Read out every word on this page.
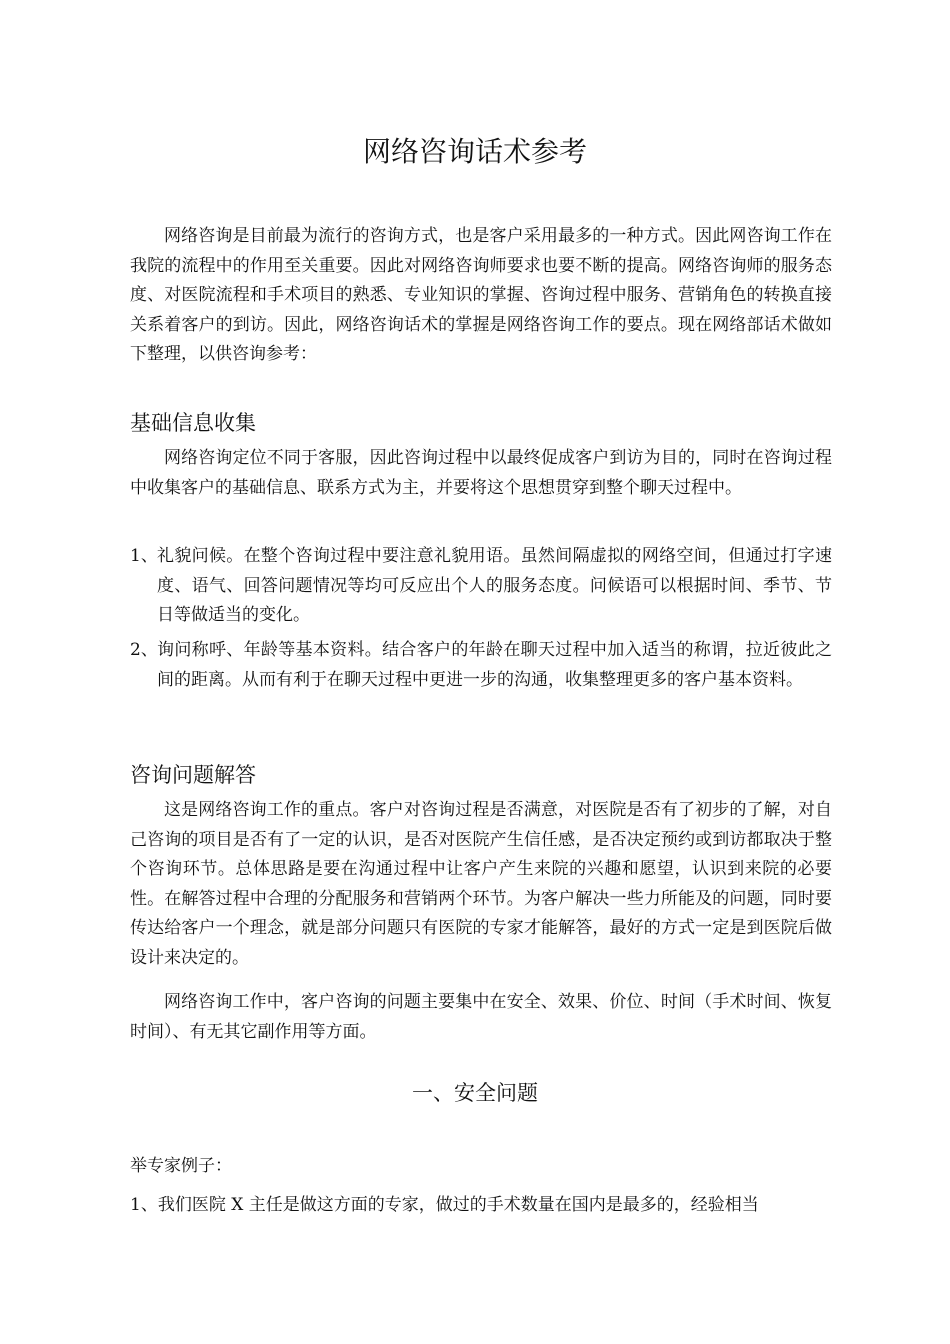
网络咨询话术参考

网络咨询是目前最为流行的咨询方式，也是客户采用最多的一种方式。因此网咨询工作在我院的流程中的作用至关重要。因此对网络咨询师要求也要不断的提高。网络咨询师的服务态度、对医院流程和手术项目的熟悉、专业知识的掌握、咨询过程中服务、营销角色的转换直接关系着客户的到访。因此，网络咨询话术的掌握是网络咨询工作的要点。现在网络部话术做如下整理，以供咨询参考：

基础信息收集

网络咨询定位不同于客服，因此咨询过程中以最终促成客户到访为目的，同时在咨询过程中收集客户的基础信息、联系方式为主，并要将这个思想贯穿到整个聊天过程中。

1、 礼貌问候。在整个咨询过程中要注意礼貌用语。虽然间隔虚拟的网络空间，但通过打字速度、语气、回答问题情况等均可反应出个人的服务态度。问候语可以根据时间、季节、节日等做适当的变化。
2、 询问称呼、年龄等基本资料。结合客户的年龄在聊天过程中加入适当的称谓，拉近彼此之间的距离。从而有利于在聊天过程中更进一步的沟通，收集整理更多的客户基本资料。
咨询问题解答

这是网络咨询工作的重点。客户对咨询过程是否满意，对医院是否有了初步的了解，对自己咨询的项目是否有了一定的认识，是否对医院产生信任感，是否决定预约或到访都取决于整个咨询环节。总体思路是要在沟通过程中让客户产生来院的兴趣和愿望，认识到来院的必要性。在解答过程中合理的分配服务和营销两个环节。为客户解决一些力所能及的问题，同时要传达给客户一个理念，就是部分问题只有医院的专家才能解答，最好的方式一定是到医院后做设计来决定的。

网络咨询工作中，客户咨询的问题主要集中在安全、效果、价位、时间（手术时间、恢复时间）、有无其它副作用等方面。

一、安全问题
举专家例子：
1、我们医院 X 主任是做这方面的专家，做过的手术数量在国内是最多的，经验相当
